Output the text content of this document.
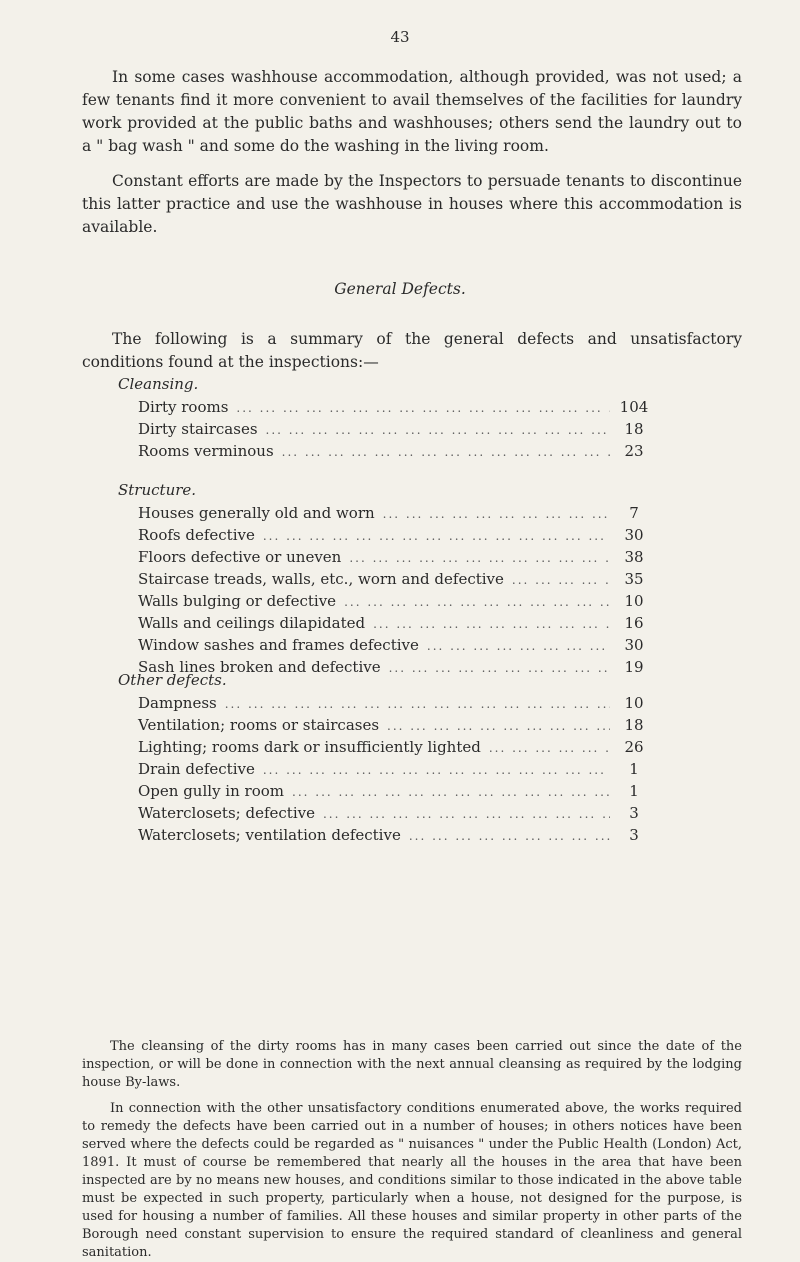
43

In some cases washhouse accommodation, although provided, was not used; a few tenants find it more convenient to avail themselves of the facilities for laundry work provided at the public baths and washhouses; others send the laundry out to a " bag wash " and some do the washing in the living room.

Constant efforts are made by the Inspectors to persuade tenants to discontinue this latter practice and use the washhouse in houses where this accommodation is available.

General Defects.

The following is a summary of the general defects and unsatisfactory conditions found at the inspections:—

Cleansing.
Dirty rooms ... .	104
Dirty staircases ... .	18
Rooms verminous ... .	23
Structure.
Houses generally old and worn ... .	7
Roofs defective ... .	30
Floors defective or uneven ... .	38
Staircase treads, walls, etc., worn and defective ... .	35
Walls bulging or defective ... .	10
Walls and ceilings dilapidated ... .	16
Window sashes and frames defective ... .	30
Sash lines broken and defective ... .	19
Other defects.
Dampness ... .	10
Ventilation; rooms or staircases ... .	18
Lighting; rooms dark or insufficiently lighted ... .	26
Drain defective ... .	1
Open gully in room ... .	1
Waterclosets; defective ... .	3
Waterclosets; ventilation defective ... .	3

The cleansing of the dirty rooms has in many cases been carried out since the date of the inspection, or will be done in connection with the next annual cleansing as required by the lodging house By-laws.

In connection with the other unsatisfactory conditions enumerated above, the works required to remedy the defects have been carried out in a number of houses; in others notices have been served where the defects could be regarded as " nuisances " under the Public Health (London) Act, 1891. It must of course be remembered that nearly all the houses in the area that have been inspected are by no means new houses, and conditions similar to those indicated in the above table must be expected in such property, particularly when a house, not designed for the purpose, is used for housing a number of families. All these houses and similar property in other parts of the Borough need constant supervision to ensure the required standard of cleanliness and general sanitation.
